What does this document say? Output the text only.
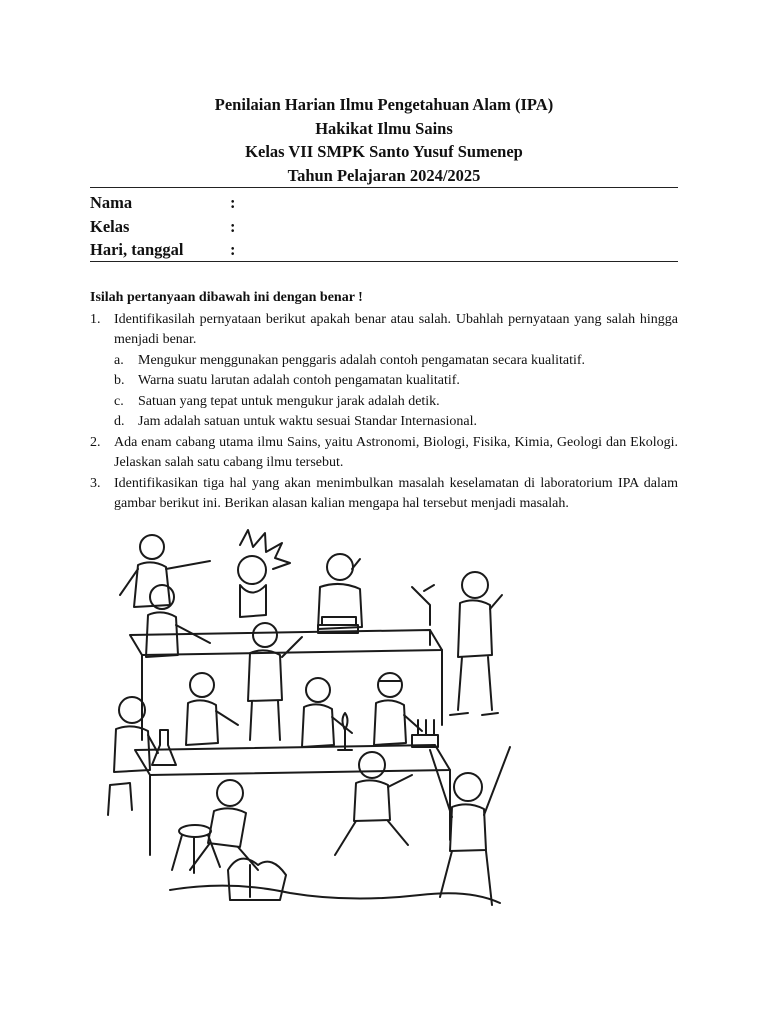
Penilaian Harian Ilmu Pengetahuan Alam (IPA)
Hakikat Ilmu Sains
Kelas VII SMPK Santo Yusuf Sumenep
Tahun Pelajaran 2024/2025
Nama	:
Kelas	:
Hari, tanggal	:
Isilah pertanyaan dibawah ini dengan benar !
1. Identifikasilah pernyataan berikut apakah benar atau salah. Ubahlah pernyataan yang salah hingga menjadi benar.
a.	Mengukur menggunakan penggaris adalah contoh pengamatan secara kualitatif.
b. Warna suatu larutan adalah contoh pengamatan kualitatif.
c.	Satuan yang tepat untuk mengukur jarak adalah detik.
d. Jam adalah satuan untuk waktu sesuai Standar Internasional.
2. Ada enam cabang utama ilmu Sains, yaitu Astronomi, Biologi, Fisika, Kimia, Geologi dan Ekologi. Jelaskan salah satu cabang ilmu tersebut.
3. Identifikasikan tiga hal yang akan menimbulkan masalah keselamatan di laboratorium IPA dalam gambar berikut ini. Berikan alasan kalian mengapa hal tersebut menjadi masalah.
